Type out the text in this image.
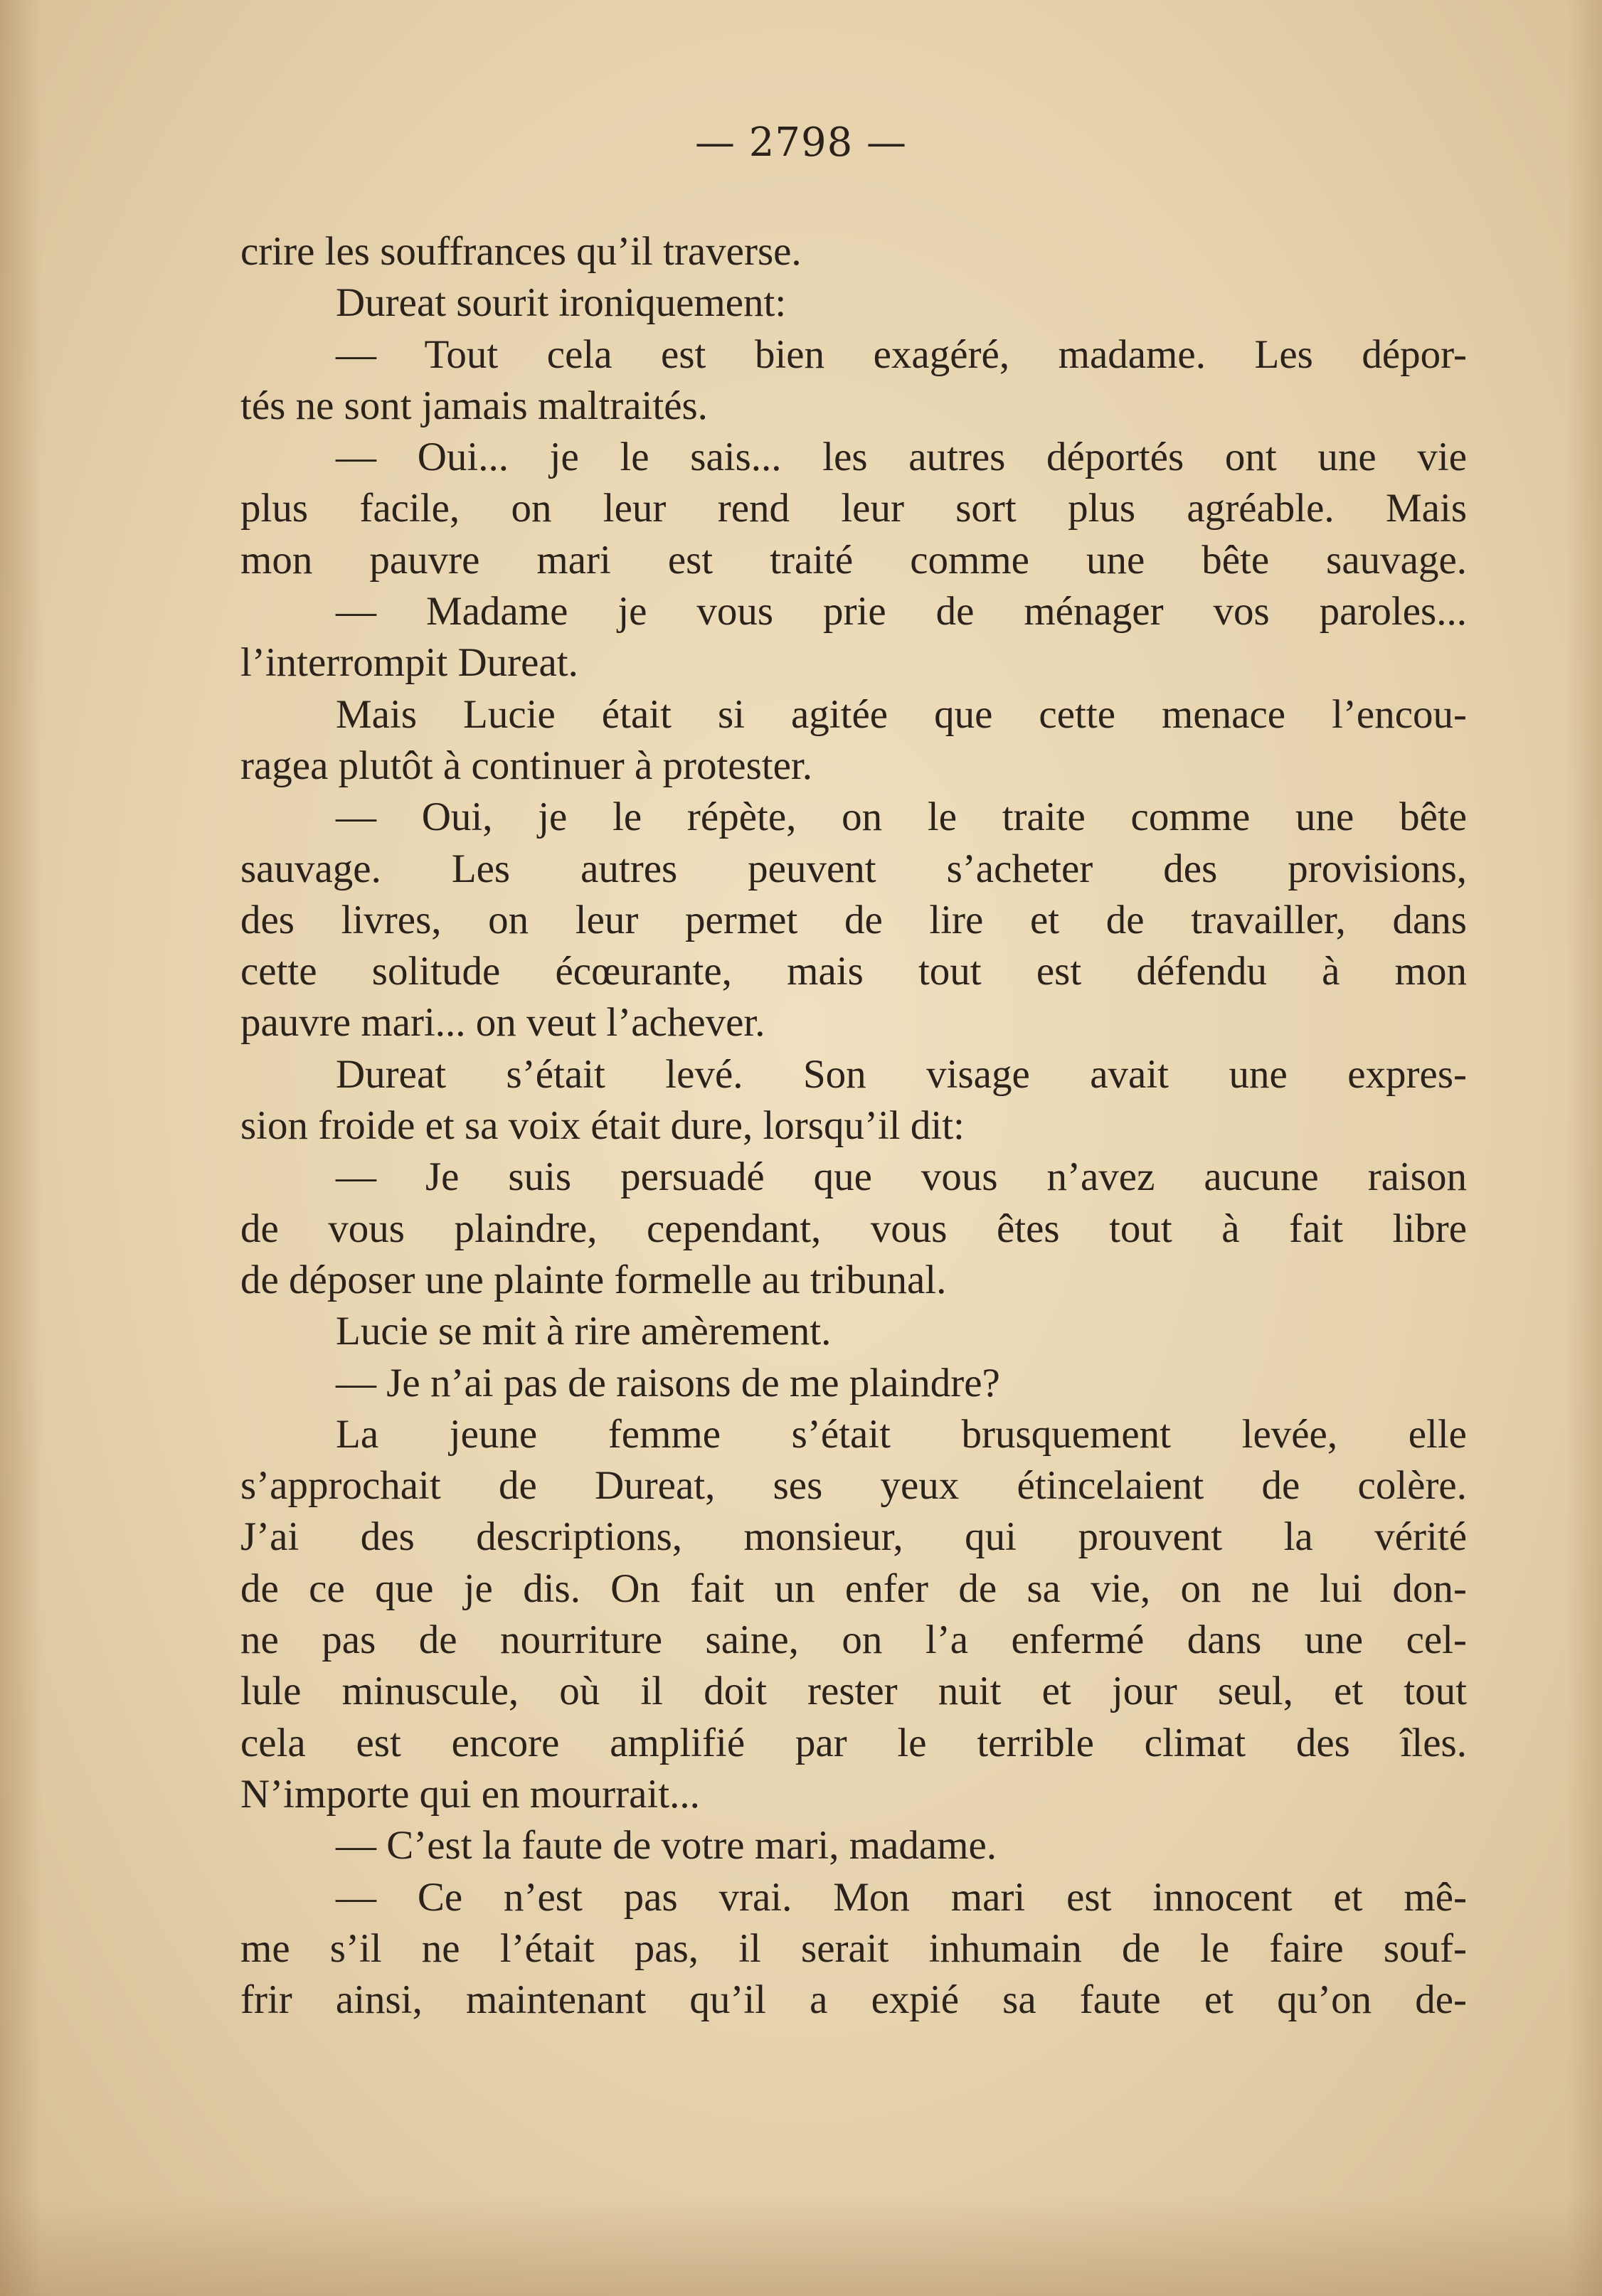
— 2798 —
crire les souffrances qu’il traverse.
Dureat sourit ironiquement:
— Tout cela est bien exagéré, madame. Les dépor-
tés ne sont jamais maltraités.
— Oui... je le sais... les autres déportés ont une vie
plus facile, on leur rend leur sort plus agréable. Mais
mon pauvre mari est traité comme une bête sauvage.
— Madame je vous prie de ménager vos paroles...
l’interrompit Dureat.
Mais Lucie était si agitée que cette menace l’encou-
ragea plutôt à continuer à protester.
— Oui, je le répète, on le traite comme une bête
sauvage. Les autres peuvent s’acheter des provisions,
des livres, on leur permet de lire et de travailler, dans
cette solitude écœurante, mais tout est défendu à mon
pauvre mari... on veut l’achever.
Dureat s’était levé. Son visage avait une expres-
sion froide et sa voix était dure, lorsqu’il dit:
— Je suis persuadé que vous n’avez aucune raison
de vous plaindre, cependant, vous êtes tout à fait libre
de déposer une plainte formelle au tribunal.
Lucie se mit à rire amèrement.
— Je n’ai pas de raisons de me plaindre?
La jeune femme s’était brusquement levée, elle
s’approchait de Dureat, ses yeux étincelaient de colère.
J’ai des descriptions, monsieur, qui prouvent la vérité
de ce que je dis. On fait un enfer de sa vie, on ne lui don-
ne pas de nourriture saine, on l’a enfermé dans une cel-
lule minuscule, où il doit rester nuit et jour seul, et tout
cela est encore amplifié par le terrible climat des îles.
N’importe qui en mourrait...
— C’est la faute de votre mari, madame.
— Ce n’est pas vrai. Mon mari est innocent et mê-
me s’il ne l’était pas, il serait inhumain de le faire souf-
frir ainsi, maintenant qu’il a expié sa faute et qu’on de-
